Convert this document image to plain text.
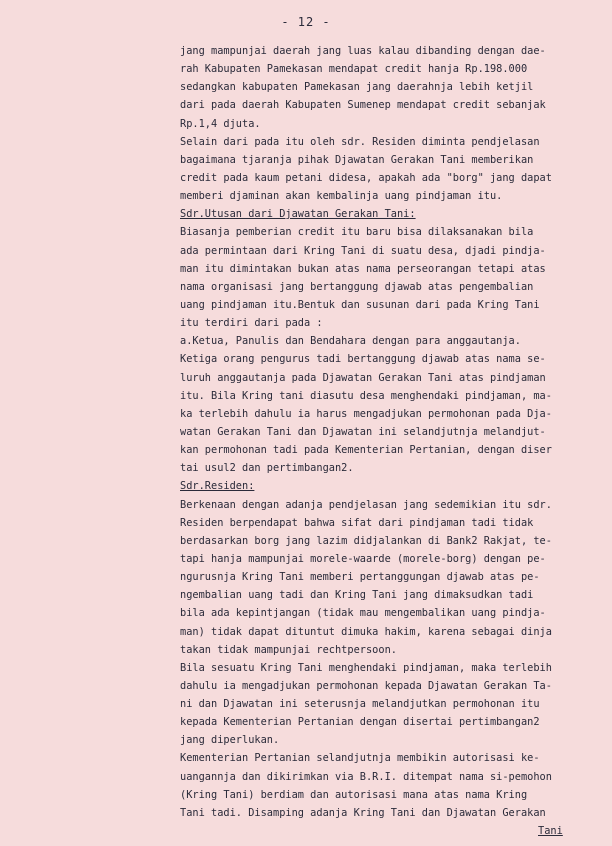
- 12 -
jang mampunjai daerah jang luas kalau dibanding dengan dae-
rah Kabupaten Pamekasan mendapat credit hanja Rp.198.000
sedangkan kabupaten Pamekasan jang daerahnja lebih ketjil
dari pada daerah Kabupaten Sumenep mendapat credit sebanjak
Rp.1,4 djuta.
Selain dari pada itu oleh sdr. Residen diminta pendjelasan
bagaimana tjaranja pihak Djawatan Gerakan Tani memberikan
credit pada kaum petani didesa, apakah ada "borg" jang dapat
memberi djaminan akan kembalinja uang pindjaman itu.
Sdr.Utusan dari Djawatan Gerakan Tani:
Biasanja pemberian credit itu baru bisa dilaksanakan bila
ada permintaan dari Kring Tani di suatu desa, djadi pindja-
man itu dimintakan bukan atas nama perseorangan tetapi atas
nama organisasi jang bertanggung djawab atas pengembalian
uang pindjaman itu.Bentuk dan susunan dari pada Kring Tani
itu terdiri dari pada :
a.Ketua, Panulis dan Bendahara dengan para anggautanja.
Ketiga orang pengurus tadi bertanggung djawab atas nama se-
luruh anggautanja pada Djawatan Gerakan Tani atas pindjaman
itu. Bila Kring tani diasutu desa menghendaki pindjaman, ma-
ka terlebih dahulu ia harus mengadjukan permohonan pada Dja-
watan Gerakan Tani dan Djawatan ini selandjutnja melandjut-
kan permohonan tadi pada Kementerian Pertanian, dengan diser
tai usul2 dan pertimbangan2.
Sdr.Residen:
Berkenaan dengan adanja pendjelasan jang sedemikian itu sdr.
Residen berpendapat bahwa sifat dari pindjaman tadi tidak
berdasarkan borg jang lazim didjalankan di Bank2 Rakjat, te-
tapi hanja mampunjai morele-waarde (morele-borg) dengan pe-
ngurusnja Kring Tani memberi pertanggungan djawab atas pe-
ngembalian uang tadi dan Kring Tani jang dimaksudkan tadi
bila ada kepintjangan (tidak mau mengembalikan uang pindja-
man) tidak dapat dituntut dimuka hakim, karena sebagai dinja
takan tidak mampunjai rechtpersoon.
Bila sesuatu Kring Tani menghendaki pindjaman, maka terlebih
dahulu ia mengadjukan permohonan kepada Djawatan Gerakan Ta-
ni dan Djawatan ini seterusnja melandjutkan permohonan itu
kepada Kementerian Pertanian dengan disertai pertimbangan2
jang diperlukan.
Kementerian Pertanian selandjutnja membikin autorisasi ke-
uangannja dan dikirimkan via B.R.I. ditempat nama si-pemohon
(Kring Tani) berdiam dan autorisasi mana atas nama Kring
Tani tadi. Disamping adanja Kring Tani dan Djawatan Gerakan
Tani
